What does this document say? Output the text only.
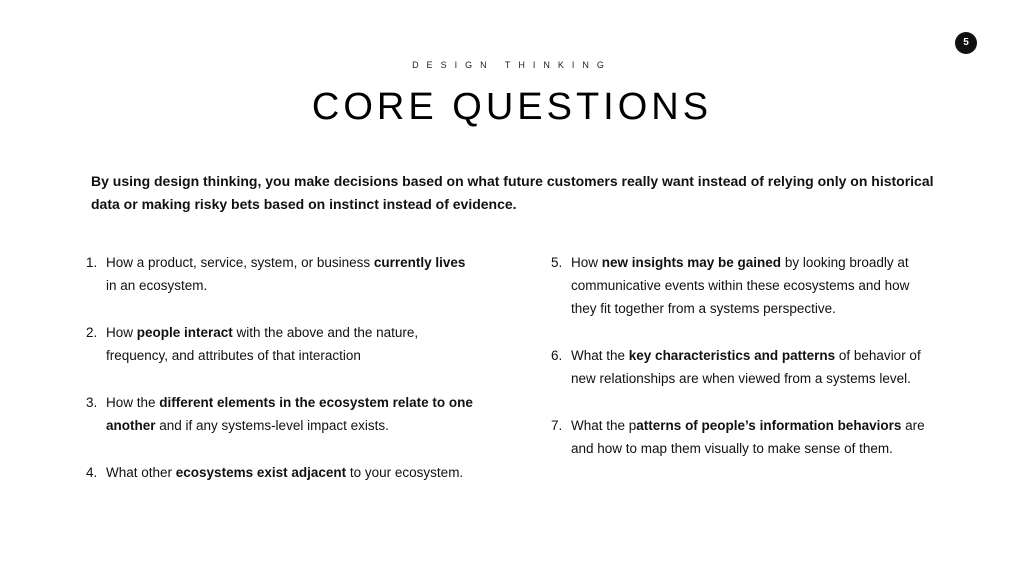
5
DESIGN THINKING
CORE QUESTIONS
By using design thinking, you make decisions based on what future customers really want instead of relying only on historical data or making risky bets based on instinct instead of evidence.
1. How a product, service, system, or business currently lives in an ecosystem.
2. How people interact with the above and the nature, frequency, and attributes of that interaction
3. How the different elements in the ecosystem relate to one another and if any systems-level impact exists.
4. What other ecosystems exist adjacent to your ecosystem.
5. How new insights may be gained by looking broadly at communicative events within these ecosystems and how they fit together from a systems perspective.
6. What the key characteristics and patterns of behavior of new relationships are when viewed from a systems level.
7. What the patterns of people’s information behaviors are and how to map them visually to make sense of them.
